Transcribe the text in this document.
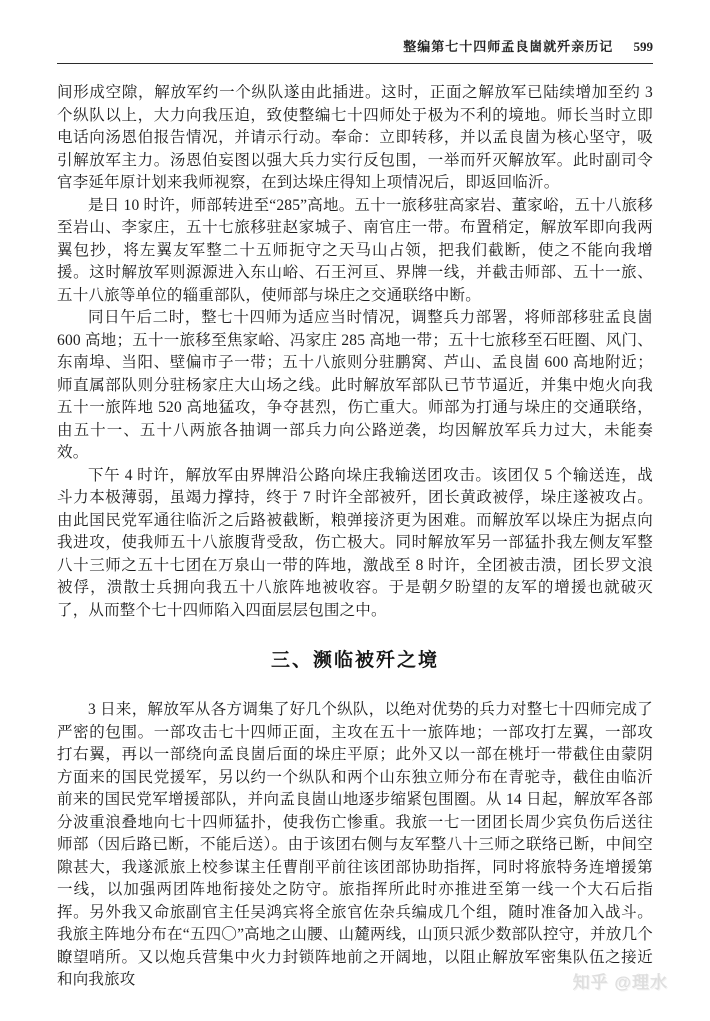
整编第七十四师孟良崮就歼亲历记 599

间形成空隙，解放军约一个纵队遂由此插进。这时，正面之解放军已陆续增加至约 3 个纵队以上，大力向我压迫，致使整编七十四师处于极为不利的境地。师长当时立即电话向汤恩伯报告情况，并请示行动。奉命：立即转移，并以孟良崮为核心坚守，吸引解放军主力。汤恩伯妄图以强大兵力实行反包围，一举而歼灭解放军。此时副司令官李延年原计划来我师视察，在到达垛庄得知上项情况后，即返回临沂。

是日 10 时许，师部转进至“285”高地。五十一旅移驻高家岩、董家峪，五十八旅移至岩山、李家庄，五十七旅移驻赵家城子、南官庄一带。布置稍定，解放军即向我两翼包抄，将左翼友军整二十五师扼守之天马山占领，把我们截断，使之不能向我增援。这时解放军则源源进入东山峪、石王河亘、界牌一线，并截击师部、五十一旅、五十八旅等单位的辎重部队，使师部与垛庄之交通联络中断。

同日午后二时，整七十四师为适应当时情况，调整兵力部署，将师部移驻孟良崮 600 高地；五十一旅移至焦家峪、冯家庄 285 高地一带；五十七旅移至石旺圈、风门、东南埠、当阳、壁偏市子一带；五十八旅则分驻鹏窝、芦山、孟良崮 600 高地附近；师直属部队则分驻杨家庄大山场之线。此时解放军部队已节节逼近，并集中炮火向我五十一旅阵地 520 高地猛攻，争夺甚烈，伤亡重大。师部为打通与垛庄的交通联络，由五十一、五十八两旅各抽调一部兵力向公路逆袭，均因解放军兵力过大，未能奏效。

下午 4 时许，解放军由界牌沿公路向垛庄我输送团攻击。该团仅 5 个输送连，战斗力本极薄弱，虽竭力撑持，终于 7 时许全部被歼，团长黄政被俘，垛庄遂被攻占。由此国民党军通往临沂之后路被截断，粮弹接济更为困难。而解放军以垛庄为据点向我进攻，使我师五十八旅腹背受敌，伤亡极大。同时解放军另一部猛扑我左侧友军整八十三师之五十七团在万泉山一带的阵地，激战至 8 时许，全团被击溃，团长罗文浪被俘，溃散士兵拥向我五十八旅阵地被收容。于是朝夕盼望的友军的增援也就破灭了，从而整个七十四师陷入四面层层包围之中。

三、濒临被歼之境

3 日来，解放军从各方调集了好几个纵队，以绝对优势的兵力对整七十四师完成了严密的包围。一部攻击七十四师正面，主攻在五十一旅阵地；一部攻打左翼，一部攻打右翼，再以一部绕向孟良崮后面的垛庄平原；此外又以一部在桃圩一带截住由蒙阴方面来的国民党援军，另以约一个纵队和两个山东独立师分布在青驼寺，截住由临沂前来的国民党军增援部队，并向孟良崮山地逐步缩紧包围圈。从 14 日起，解放军各部分波重浪叠地向七十四师猛扑，使我伤亡惨重。我旅一七一团团长周少宾负伤后送往师部（因后路已断，不能后送）。由于该团右侧与友军整八十三师之联络已断，中间空隙甚大，我遂派旅上校参谋主任曹削平前往该团部协助指挥，同时将旅特务连增援第一线，以加强两团阵地衔接处之防守。旅指挥所此时亦推进至第一线一个大石后指挥。另外我又命旅副官主任吴鸿宾将全旅官佐杂兵编成几个组，随时准备加入战斗。我旅主阵地分布在“五四〇”高地之山腰、山麓两线，山顶只派少数部队控守，并放几个瞭望哨所。又以炮兵营集中火力封锁阵地前之开阔地，以阻止解放军密集队伍之接近和向我旅攻	知乎 @理水
